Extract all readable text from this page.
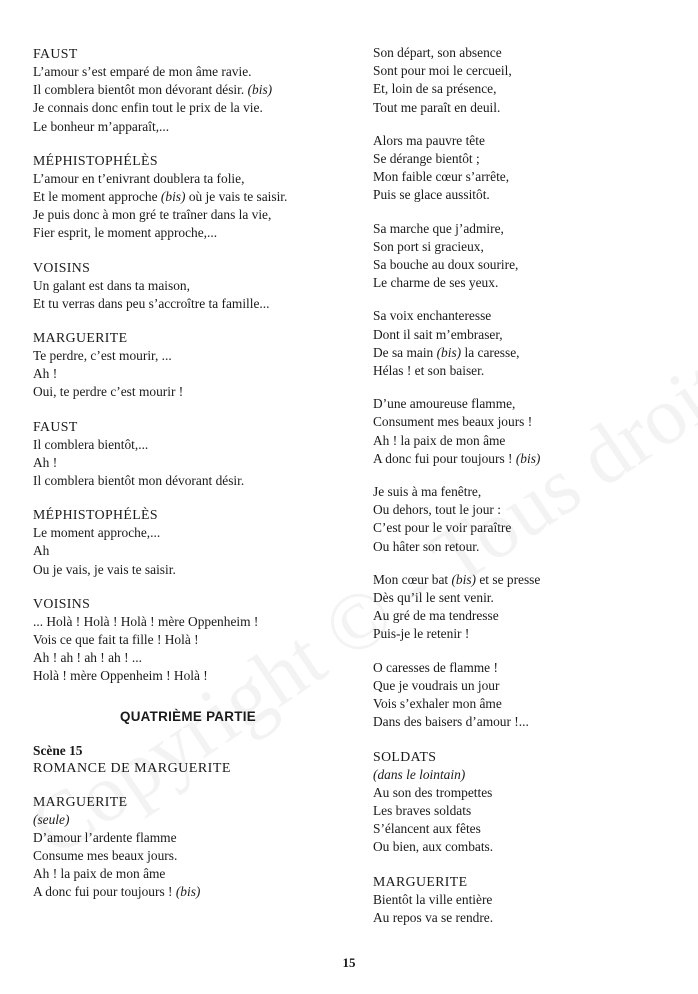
FAUST
L’amour s’est emparé de mon âme ravie.
Il comblera bientôt mon dévorant désir. (bis)
Je connais donc enfin tout le prix de la vie.
Le bonheur m’apparaît,...
MÉPHISTOPHÉLÈS
L’amour en t’enivrant doublera ta folie,
Et le moment approche (bis) où je vais te saisir.
Je puis donc à mon gré te traîner dans la vie,
Fier esprit, le moment approche,...
VOISINS
Un galant est dans ta maison,
Et tu verras dans peu s’accroître ta famille...
MARGUERITE
Te perdre, c’est mourir, ...
Ah !
Oui, te perdre c’est mourir !
FAUST
Il comblera bientôt,...
Ah !
Il comblera bientôt mon dévorant désir.
MÉPHISTOPHÉLÈS
Le moment approche,...
Ah
Ou je vais, je vais te saisir.
VOISINS
... Holà ! Holà ! Holà ! mère Oppenheim !
Vois ce que fait ta fille ! Holà !
Ah ! ah ! ah ! ah ! ...
Holà ! mère Oppenheim ! Holà !
QUATRIÈME PARTIE
Scène 15
ROMANCE DE MARGUERITE
MARGUERITE
(seule)
D’amour l’ardente flamme
Consume mes beaux jours.
Ah ! la paix de mon âme
A donc fui pour toujours ! (bis)
Son départ, son absence
Sont pour moi le cercueil,
Et, loin de sa présence,
Tout me paraît en deuil.
Alors ma pauvre tête
Se dérange bientôt ;
Mon faible cœur s’arrête,
Puis se glace aussitôt.
Sa marche que j’admire,
Son port si gracieux,
Sa bouche au doux sourire,
Le charme de ses yeux.
Sa voix enchanteresse
Dont il sait m’embraser,
De sa main (bis) la caresse,
Hélas ! et son baiser.
D’une amoureuse flamme,
Consument mes beaux jours !
Ah ! la paix de mon âme
A donc fui pour toujours ! (bis)
Je suis à ma fenêtre,
Ou dehors, tout le jour :
C’est pour le voir paraître
Ou hâter son retour.
Mon cœur bat (bis) et se presse
Dès qu’il le sent venir.
Au gré de ma tendresse
Puis-je le retenir !
O caresses de flamme !
Que je voudrais un jour
Vois s’exhaler mon âme
Dans des baisers d’amour !...
SOLDATS
(dans le lointain)
Au son des trompettes
Les braves soldats
S’élancent aux fêtes
Ou bien, aux combats.
MARGUERITE
Bientôt la ville entière
Au repos va se rendre.
15
